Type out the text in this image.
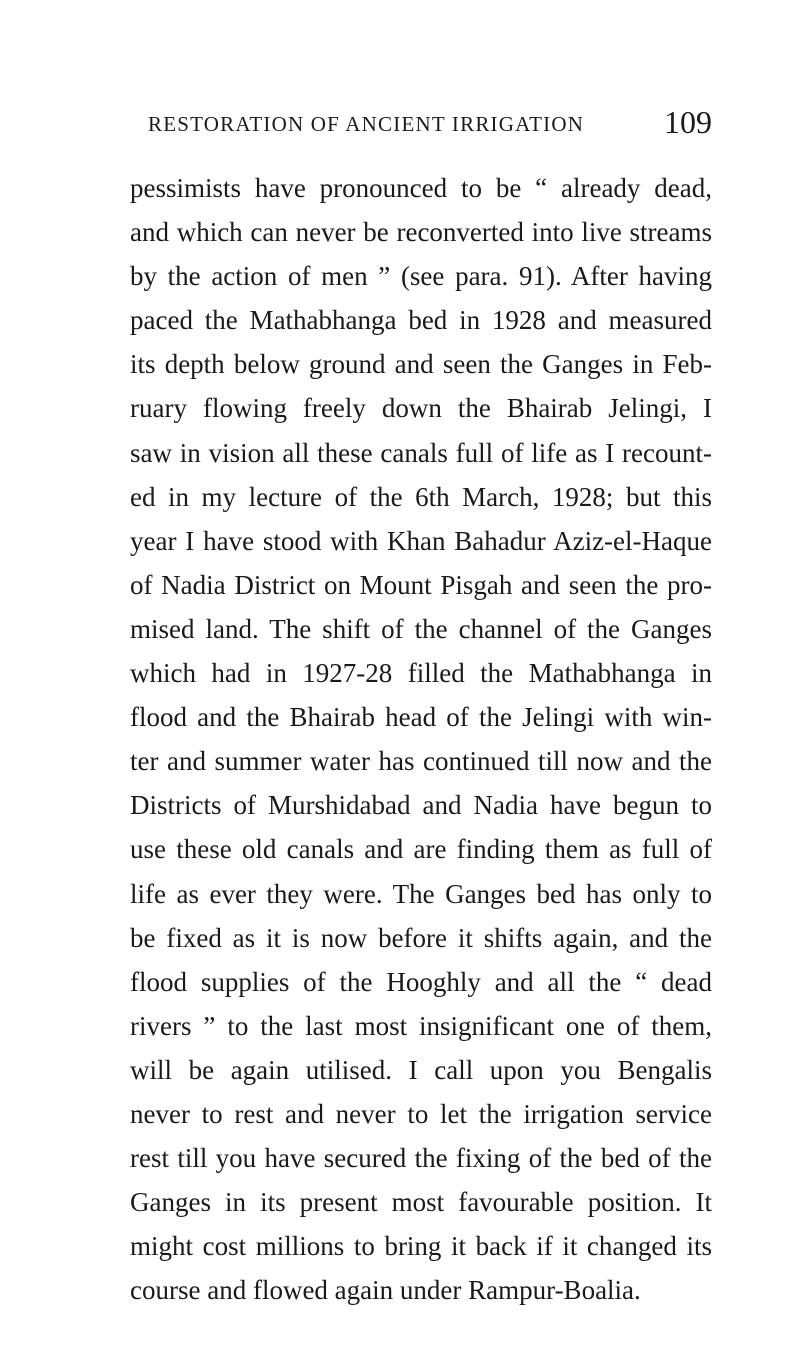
RESTORATION OF ANCIENT IRRIGATION 109
pessimists have pronounced to be “ already dead,
and which can never be reconverted into live streams
by the action of men ” (see para. 91). After having
paced the Mathabhanga bed in 1928 and measured
its depth below ground and seen the Ganges in Feb-
ruary flowing freely down the Bhairab Jelingi, I
saw in vision all these canals full of life as I recount-
ed in my lecture of the 6th March, 1928; but this
year I have stood with Khan Bahadur Aziz-el-Haque
of Nadia District on Mount Pisgah and seen the pro-
mised land. The shift of the channel of the Ganges
which had in 1927-28 filled the Mathabhanga in
flood and the Bhairab head of the Jelingi with win-
ter and summer water has continued till now and the
Districts of Murshidabad and Nadia have begun to
use these old canals and are finding them as full of
life as ever they were. The Ganges bed has only to
be fixed as it is now before it shifts again, and the
flood supplies of the Hooghly and all the “ dead
rivers ” to the last most insignificant one of them,
will be again utilised. I call upon you Bengalis
never to rest and never to let the irrigation service
rest till you have secured the fixing of the bed of the
Ganges in its present most favourable position. It
might cost millions to bring it back if it changed its
course and flowed again under Rampur-Boalia.
